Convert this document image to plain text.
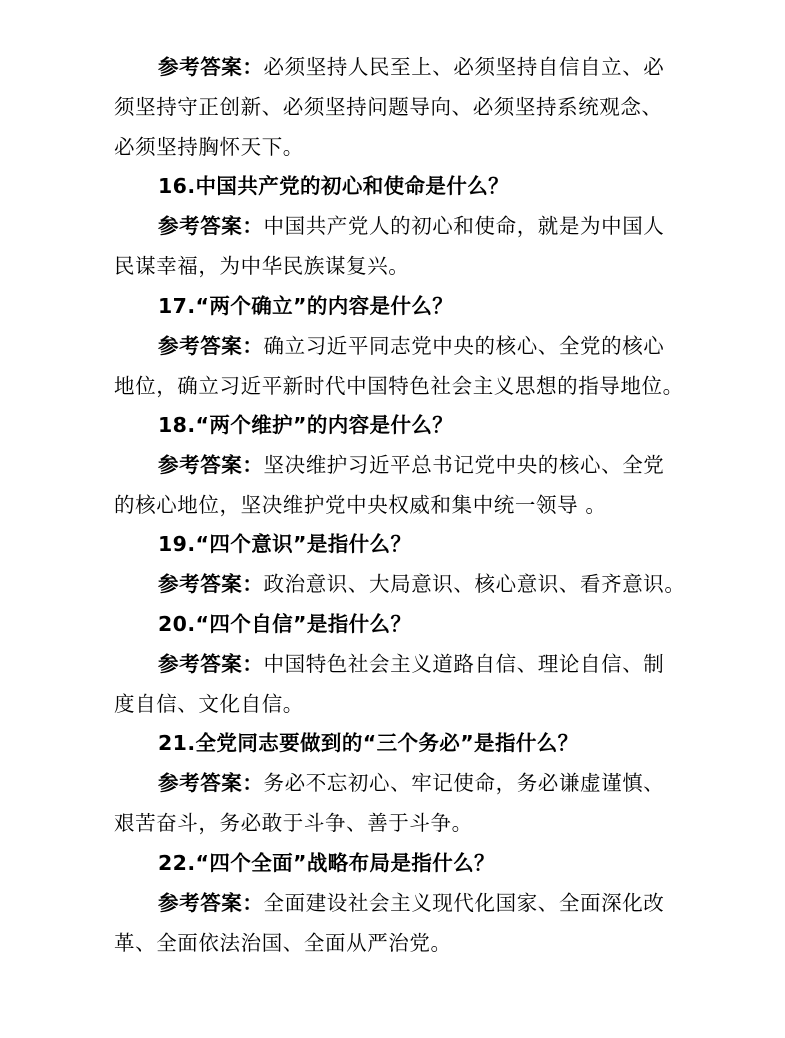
参考答案：必须坚持人民至上、必须坚持自信自立、必
须坚持守正创新、必须坚持问题导向、必须坚持系统观念、
必须坚持胸怀天下。
16.中国共产党的初心和使命是什么？
参考答案：中国共产党人的初心和使命，就是为中国人
民谋幸福，为中华民族谋复兴。
17.“两个确立”的内容是什么？
参考答案：确立习近平同志党中央的核心、全党的核心
地位，确立习近平新时代中国特色社会主义思想的指导地位。
18.“两个维护”的内容是什么？
参考答案：坚决维护习近平总书记党中央的核心、全党
的核心地位，坚决维护党中央权威和集中统一领导 。
19.“四个意识”是指什么？
参考答案：政治意识、大局意识、核心意识、看齐意识。
20.“四个自信”是指什么？
参考答案：中国特色社会主义道路自信、理论自信、制
度自信、文化自信。
21.全党同志要做到的“三个务必”是指什么？
参考答案：务必不忘初心、牢记使命，务必谦虚谨慎、
艰苦奋斗，务必敢于斗争、善于斗争。
22.“四个全面”战略布局是指什么？
参考答案：全面建设社会主义现代化国家、全面深化改
革、全面依法治国、全面从严治党。
